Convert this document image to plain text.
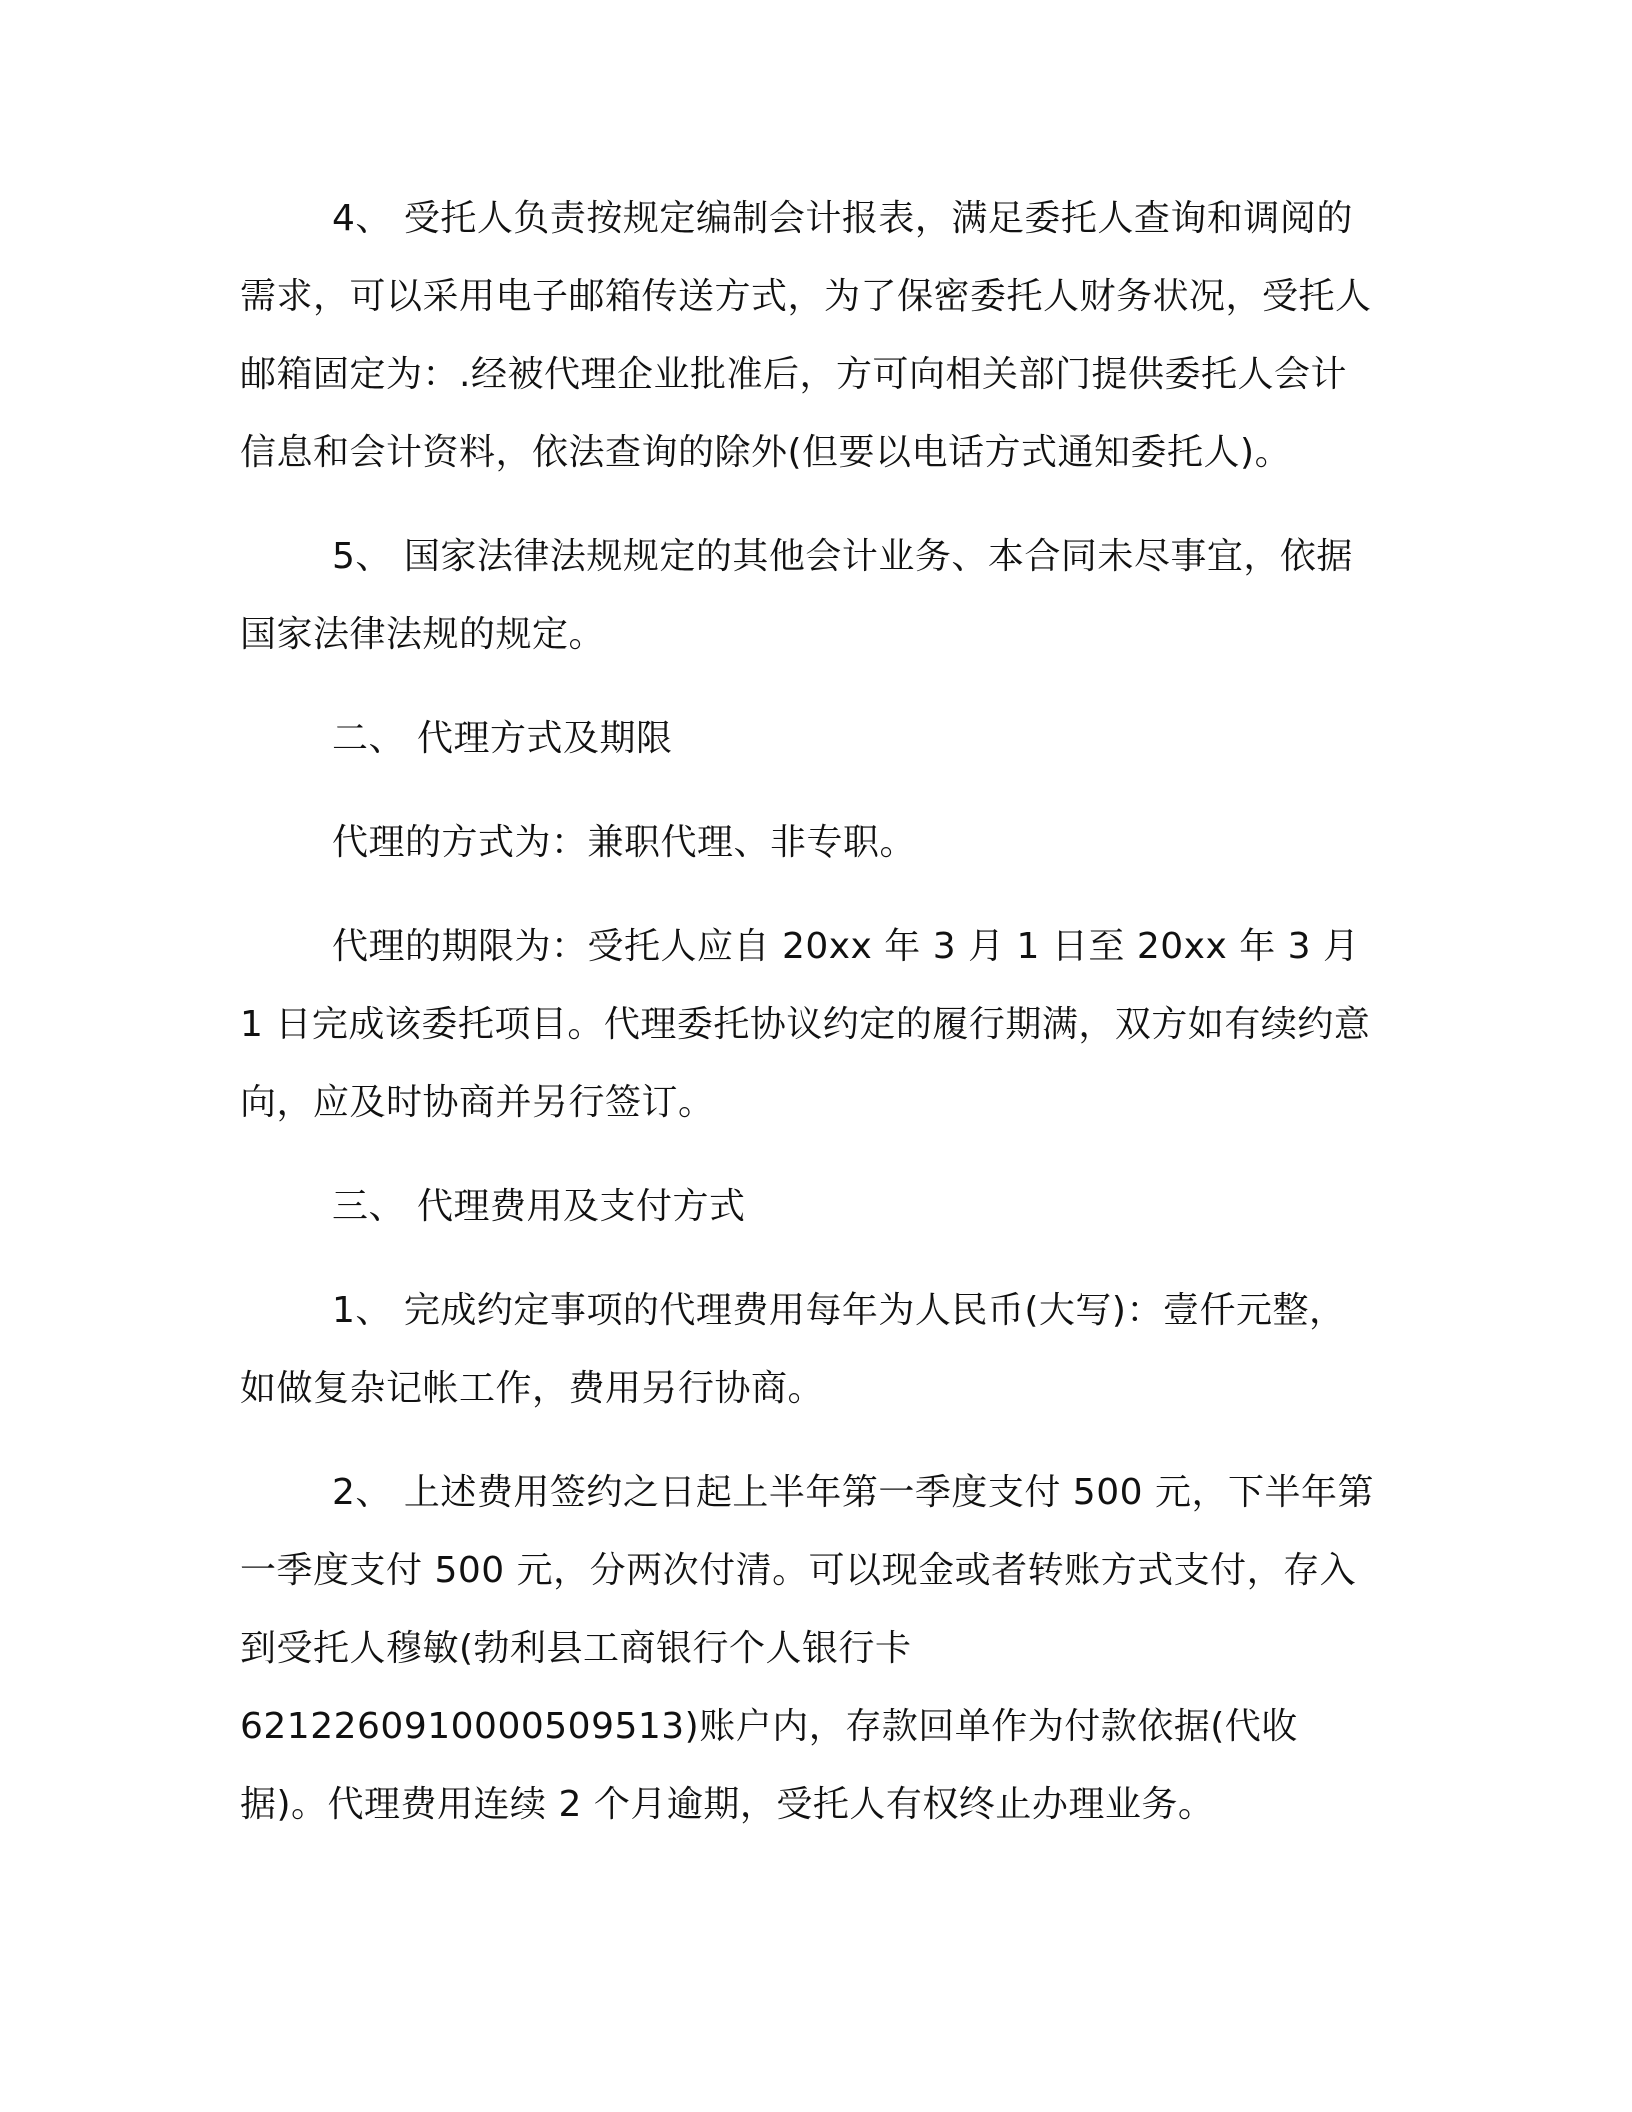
4、 受托人负责按规定编制会计报表，满足委托人查询和调阅的需求，可以采用电子邮箱传送方式，为了保密委托人财务状况，受托人邮箱固定为：.经被代理企业批准后，方可向相关部门提供委托人会计信息和会计资料，依法查询的除外(但要以电话方式通知委托人)。

5、 国家法律法规规定的其他会计业务、本合同未尽事宜，依据国家法律法规的规定。

二、 代理方式及期限

代理的方式为：兼职代理、非专职。

代理的期限为：受托人应自 20xx 年 3 月 1 日至 20xx 年 3 月 1 日完成该委托项目。代理委托协议约定的履行期满，双方如有续约意向，应及时协商并另行签订。

三、 代理费用及支付方式

1、 完成约定事项的代理费用每年为人民币(大写)：壹仟元整，如做复杂记帐工作，费用另行协商。

2、 上述费用签约之日起上半年第一季度支付 500 元，下半年第一季度支付 500 元，分两次付清。可以现金或者转账方式支付，存入到受托人穆敏(勃利县工商银行个人银行卡 6212260910000509513)账户内，存款回单作为付款依据(代收据)。代理费用连续 2 个月逾期，受托人有权终止办理业务。
